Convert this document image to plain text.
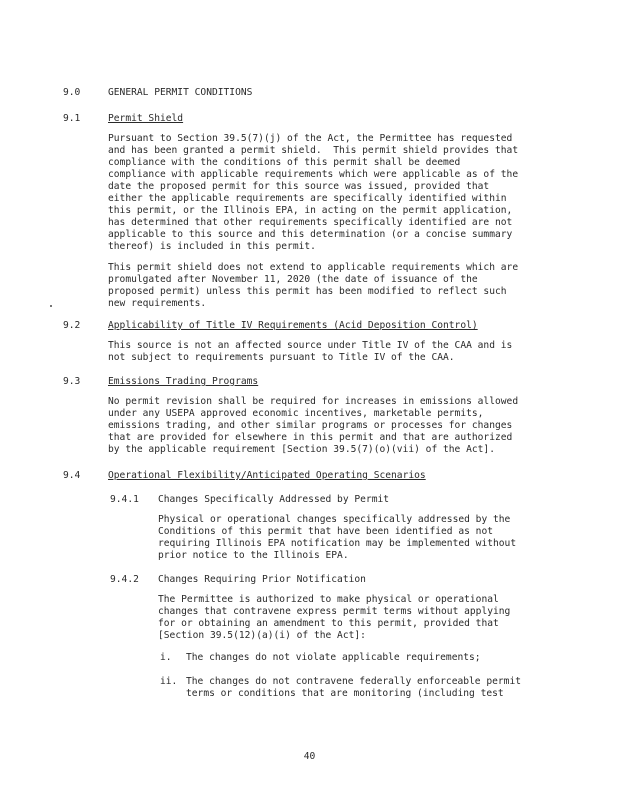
9.0	GENERAL PERMIT CONDITIONS
9.1	Permit Shield
Pursuant to Section 39.5(7)(j) of the Act, the Permittee has requested
and has been granted a permit shield.  This permit shield provides that
compliance with the conditions of this permit shall be deemed
compliance with applicable requirements which were applicable as of the
date the proposed permit for this source was issued, provided that
either the applicable requirements are specifically identified within
this permit, or the Illinois EPA, in acting on the permit application,
has determined that other requirements specifically identified are not
applicable to this source and this determination (or a concise summary
thereof) is included in this permit.
This permit shield does not extend to applicable requirements which are
promulgated after November 11, 2020 (the date of issuance of the
proposed permit) unless this permit has been modified to reflect such
new requirements.
9.2	Applicability of Title IV Requirements (Acid Deposition Control)
This source is not an affected source under Title IV of the CAA and is
not subject to requirements pursuant to Title IV of the CAA.
9.3	Emissions Trading Programs
No permit revision shall be required for increases in emissions allowed
under any USEPA approved economic incentives, marketable permits,
emissions trading, and other similar programs or processes for changes
that are provided for elsewhere in this permit and that are authorized
by the applicable requirement [Section 39.5(7)(o)(vii) of the Act].
9.4	Operational Flexibility/Anticipated Operating Scenarios
9.4.1 Changes Specifically Addressed by Permit
Physical or operational changes specifically addressed by the
Conditions of this permit that have been identified as not
requiring Illinois EPA notification may be implemented without
prior notice to the Illinois EPA.
9.4.2 Changes Requiring Prior Notification
The Permittee is authorized to make physical or operational
changes that contravene express permit terms without applying
for or obtaining an amendment to this permit, provided that
[Section 39.5(12)(a)(i) of the Act]:
i. The changes do not violate applicable requirements;
ii. The changes do not contravene federally enforceable permit
terms or conditions that are monitoring (including test
40
